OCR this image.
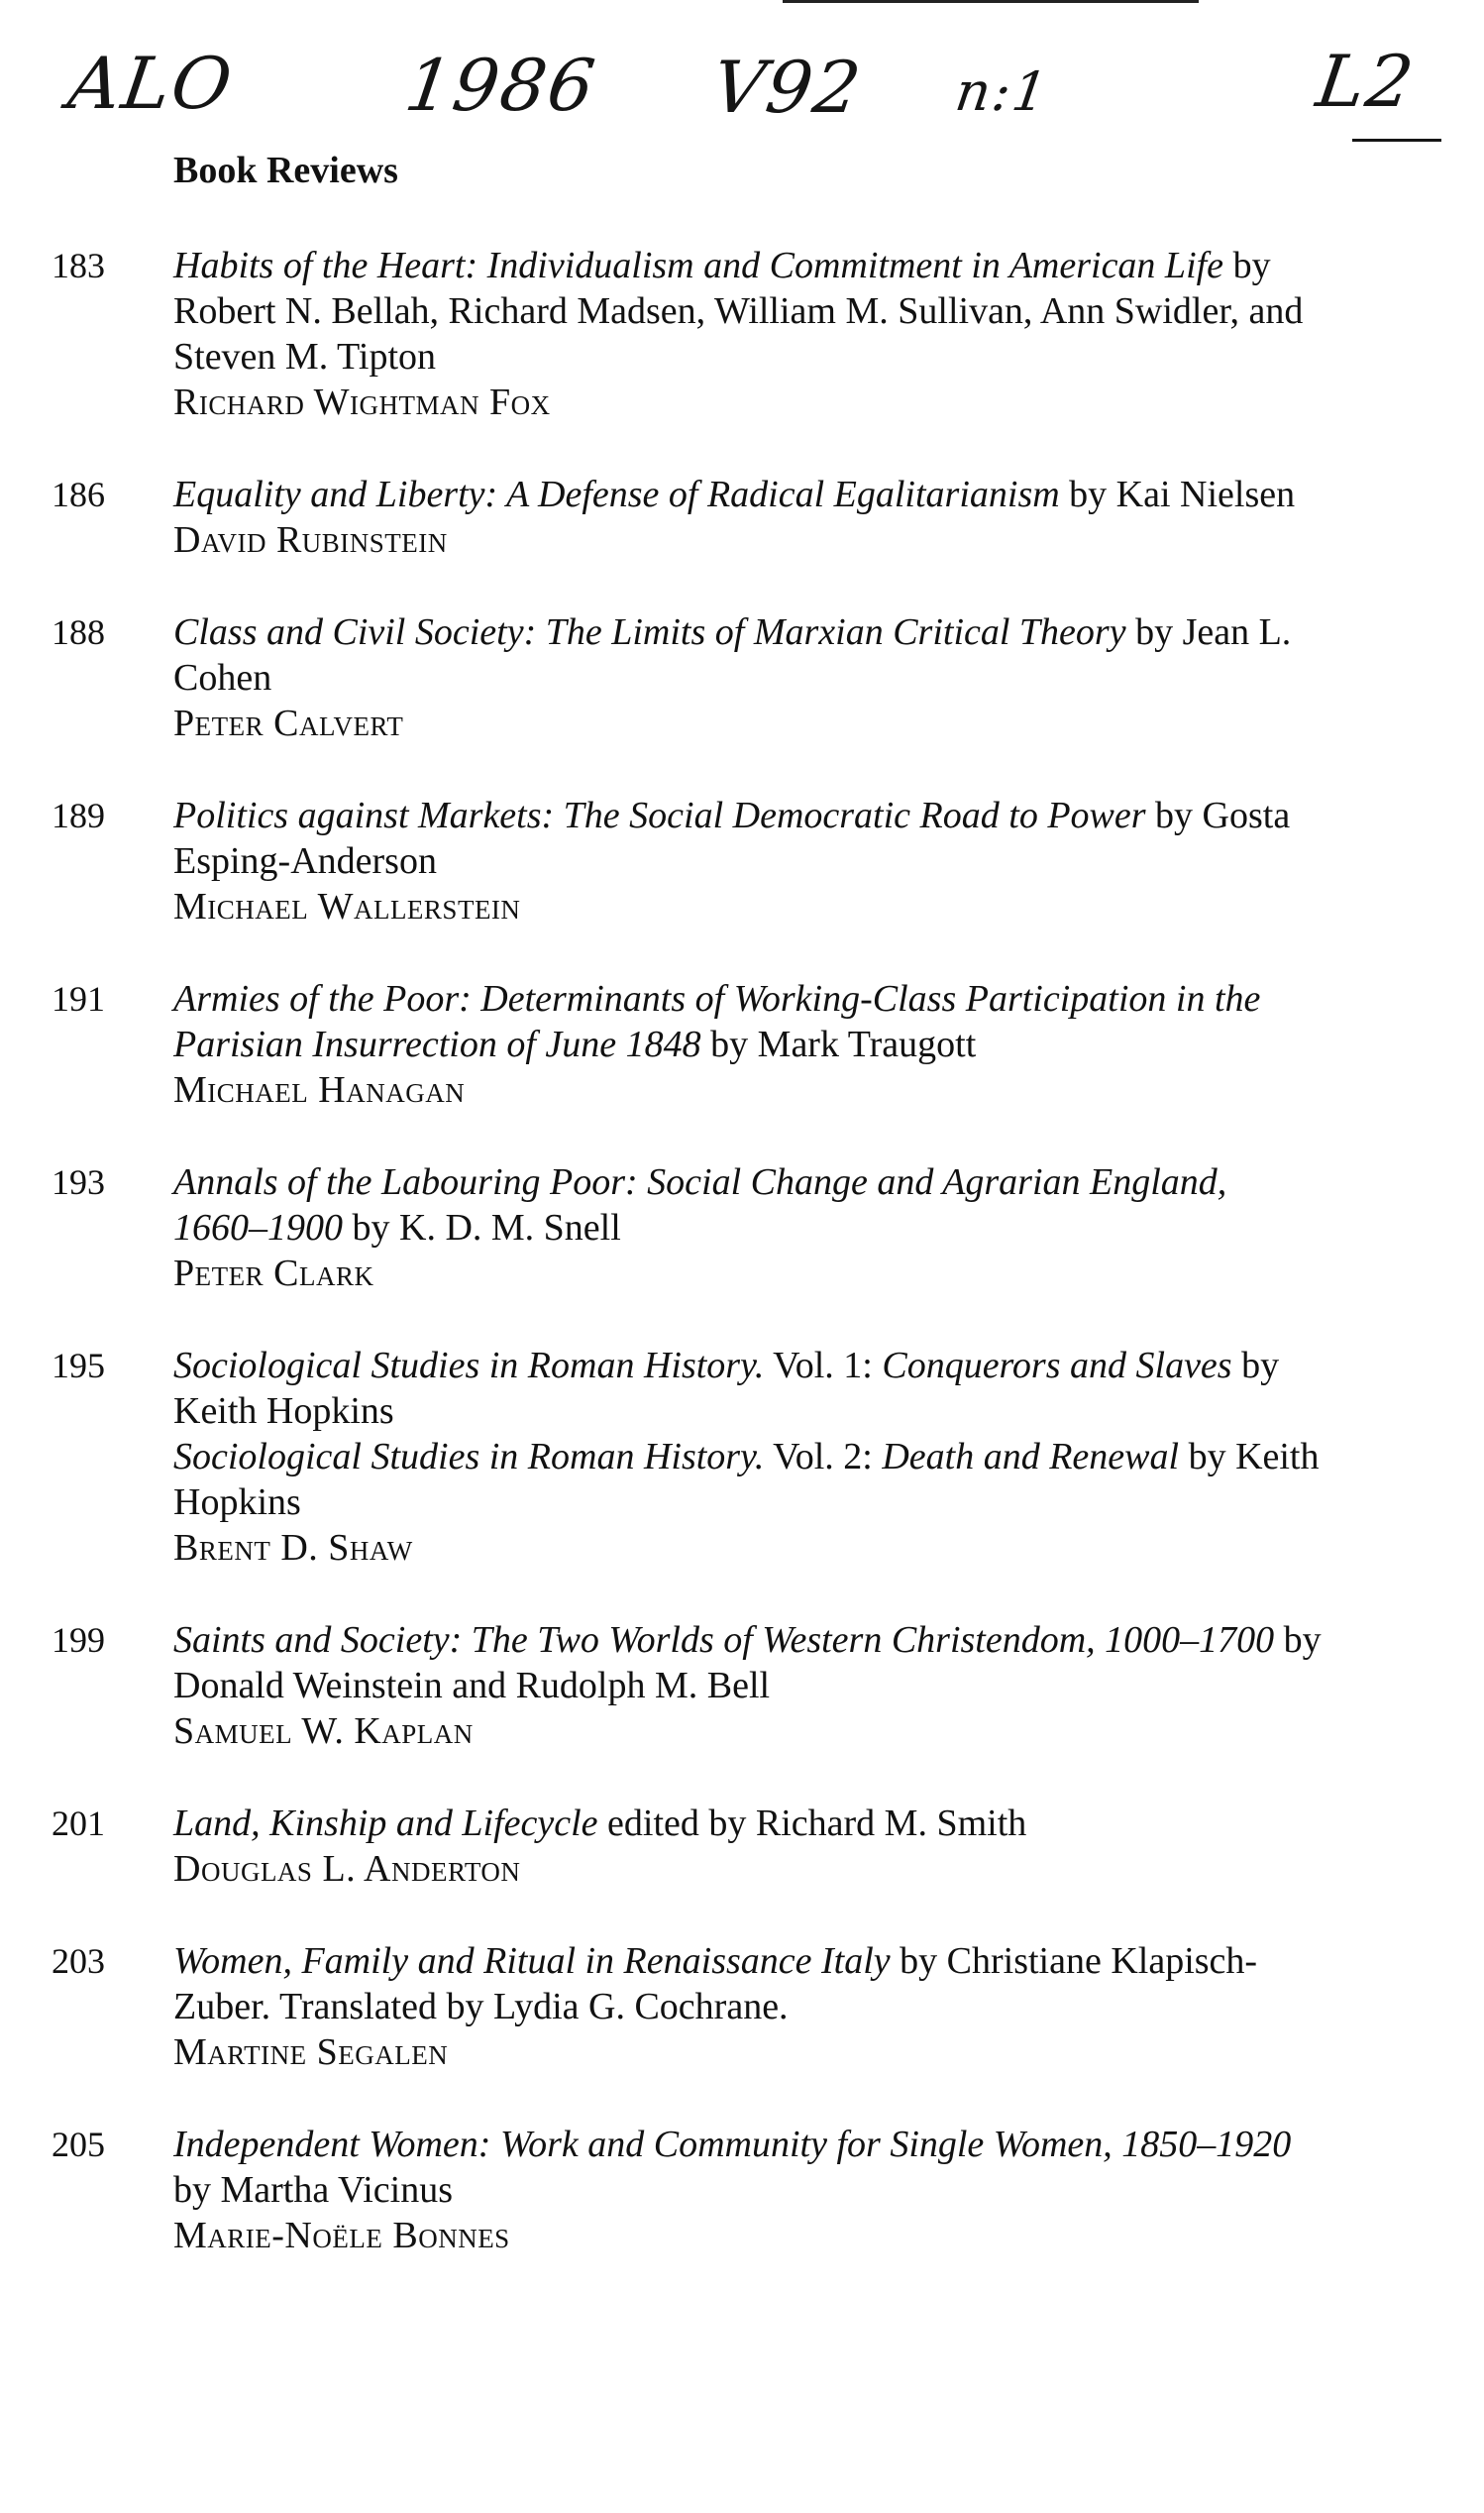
ALO 1986 V92 n:1	L2
Book Reviews
183 Habits of the Heart: Individualism and Commitment in American Life by Robert N. Bellah, Richard Madsen, William M. Sullivan, Ann Swidler, and Steven M. Tipton
Richard Wightman Fox
186 Equality and Liberty: A Defense of Radical Egalitarianism by Kai Nielsen
David Rubinstein
188 Class and Civil Society: The Limits of Marxian Critical Theory by Jean L. Cohen
Peter Calvert
189 Politics against Markets: The Social Democratic Road to Power by Gosta Esping-Anderson
Michael Wallerstein
191 Armies of the Poor: Determinants of Working-Class Participation in the Parisian Insurrection of June 1848 by Mark Traugott
Michael Hanagan
193 Annals of the Labouring Poor: Social Change and Agrarian England, 1660–1900 by K. D. M. Snell
Peter Clark
195 Sociological Studies in Roman History. Vol. 1: Conquerors and Slaves by Keith Hopkins
Sociological Studies in Roman History. Vol. 2: Death and Renewal by Keith Hopkins
Brent D. Shaw
199 Saints and Society: The Two Worlds of Western Christendom, 1000–1700 by Donald Weinstein and Rudolph M. Bell
Samuel W. Kaplan
201 Land, Kinship and Lifecycle edited by Richard M. Smith
Douglas L. Anderton
203 Women, Family and Ritual in Renaissance Italy by Christiane Klapisch-Zuber. Translated by Lydia G. Cochrane.
Martine Segalen
205 Independent Women: Work and Community for Single Women, 1850–1920 by Martha Vicinus
Marie-Noële Bonnes
